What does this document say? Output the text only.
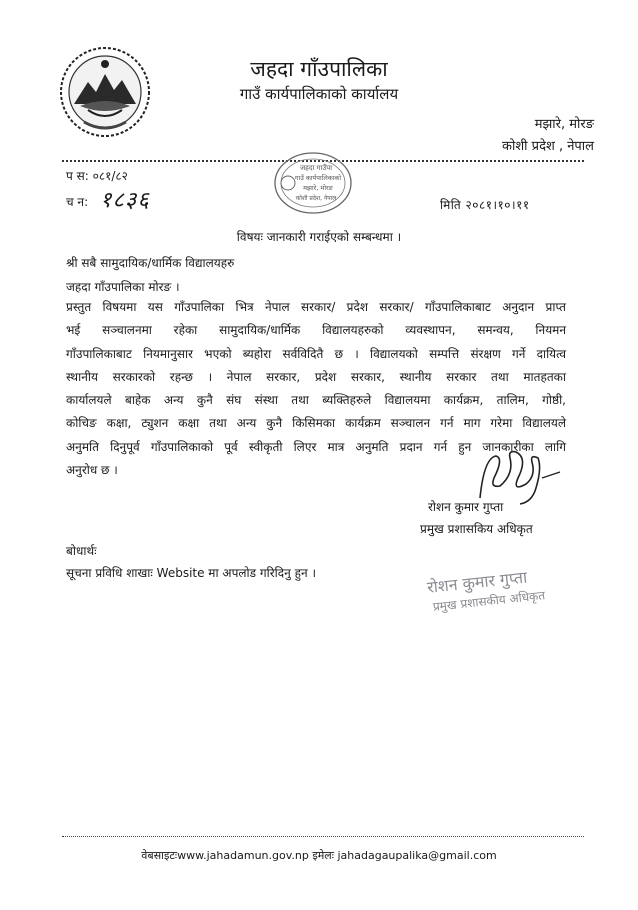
जहदा गाँउपालिका
गाउँ कार्यपालिकाको कार्यालय
मझारे, मोरङ
कोशी प्रदेश , नेपाल
जहदा गाउँपा
गाउँ कार्यपालिकाको
मझारे, मोरङ
कोशी प्रदेश, नेपाल
प स: ०८१/८२
च न: १८३६	मिति २०८१।१०।११
विषयः जानकारी गराईएको सम्बन्धमा ।
श्री सबै सामुदायिक/धार्मिक विद्यालयहरु
जहदा गाँउपालिका मोरङ ।
प्रस्तुत विषयमा यस गाँउपालिका भित्र नेपाल सरकार/ प्रदेश सरकार/ गाँउपालिकाबाट अनुदान प्राप्त
भई सञ्चालनमा रहेका सामुदायिक/धार्मिक विद्यालयहरुको व्यवस्थापन, समन्वय, नियमन
गाँउपालिकाबाट नियमानुसार भएको ब्यहोरा सर्वविदितै छ । विद्यालयको सम्पत्ति संरक्षण गर्ने दायित्व
स्थानीय सरकारको रहन्छ । नेपाल सरकार, प्रदेश सरकार, स्थानीय सरकार तथा मातहतका
कार्यालयले बाहेक अन्य कुनै संघ संस्था तथा ब्यक्तिहरुले विद्यालयमा कार्यक्रम, तालिम, गोष्ठी,
कोचिङ कक्षा, ट्युशन कक्षा तथा अन्य कुनै किसिमका कार्यक्रम सञ्चालन गर्न माग गरेमा विद्यालयले
अनुमति दिनुपूर्व गाँउपालिकाको पूर्व स्वीकृती लिएर मात्र अनुमति प्रदान गर्न हुन जानकारीका लागि
अनुरोध छ ।
रोशन कुमार गुप्ता
प्रमुख प्रशासकिय अधिकृत
बोधार्थः
सूचना प्रविधि शाखाः Website मा अपलोड गरिदिनु हुन ।	रोशन कुमार गुप्ता
प्रमुख प्रशासकीय अधिकृत
वेबसाइटःwww.jahadamun.gov.np इमेलः jahadagaupalika@gmail.com
